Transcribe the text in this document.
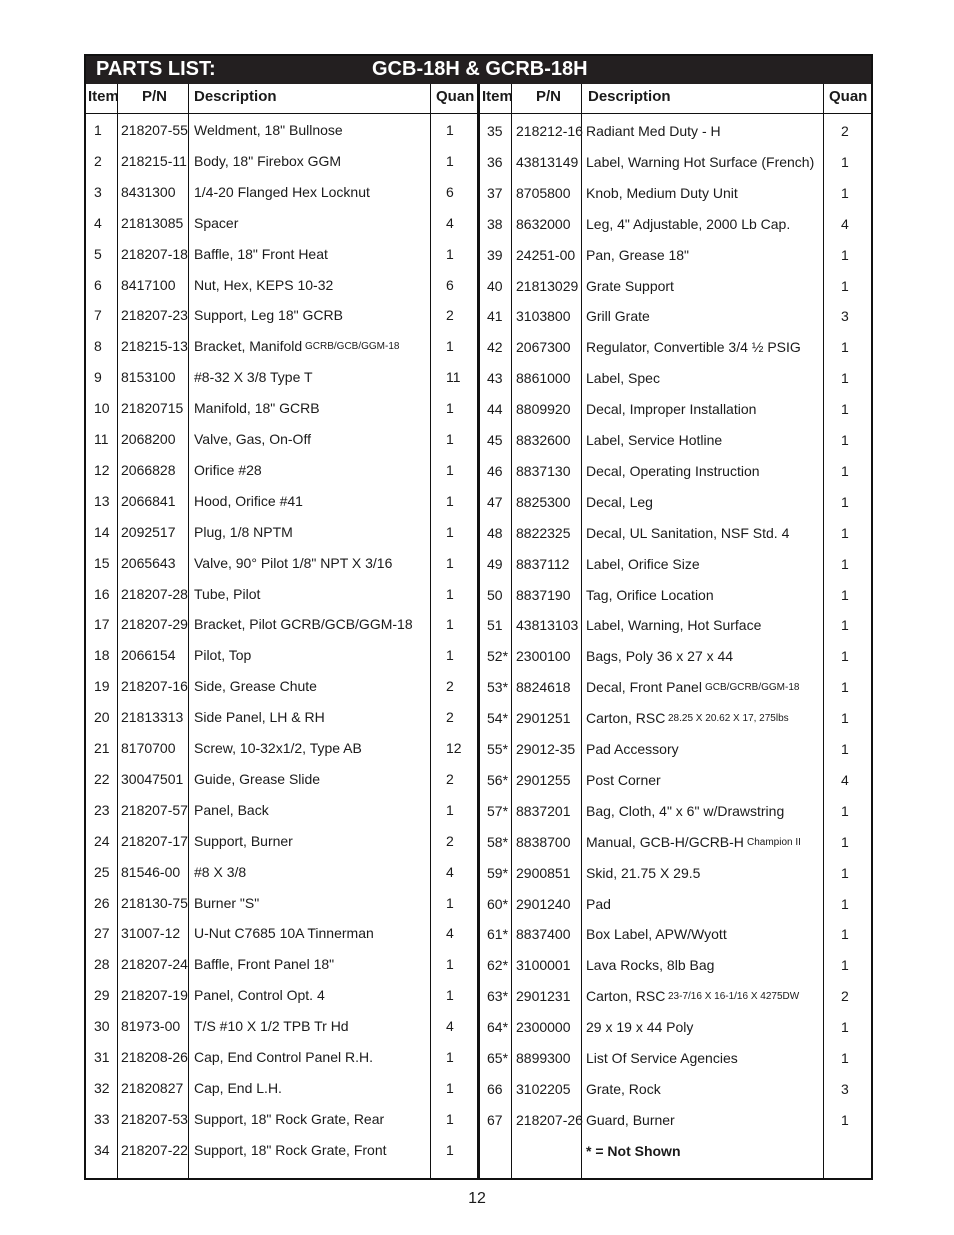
PARTS LIST:	GCB-18H & GCRB-18H
Item P/N Description	Quan Item P/N Description	Quan
1 218207-55 Weldment, 18" Bullnose	1
2 218215-11 Body, 18" Firebox GGM	1
3 8431300 1/4-20 Flanged Hex Locknut	6
4 21813085 Spacer	4
5 218207-18 Baffle, 18" Front Heat	1
6 8417100 Nut, Hex, KEPS 10-32	6
7 218207-23 Support, Leg 18" GCRB	2
8 218215-13 Bracket, Manifold GCRB/GCB/GGM-18	1
9 8153100 #8-32 X 3/8 Type T	11
10 21820715 Manifold, 18" GCRB	1
11 2068200 Valve, Gas, On-Off	1
12 2066828 Orifice #28	1
13 2066841 Hood, Orifice #41	1
14 2092517 Plug, 1/8 NPTM	1
15 2065643 Valve, 90° Pilot 1/8" NPT X 3/16	1
16 218207-28 Tube, Pilot	1
17 218207-29 Bracket, Pilot GCRB/GCB/GGM-18 1
18 2066154 Pilot, Top	1
19 218207-16 Side, Grease Chute	2
20 21813313 Side Panel, LH & RH	2
21 8170700 Screw, 10-32x1/2, Type AB	12
22 30047501 Guide, Grease Slide	2
23 218207-57 Panel, Back	1
24 218207-17 Support, Burner	2
25 81546-00 #8 X 3/8	4
26 218130-75 Burner "S"	1
27 31007-12 U-Nut C7685 10A Tinnerman	4
28 218207-24 Baffle, Front Panel 18"	1
29 218207-19 Panel, Control Opt. 4	1
30 81973-00 T/S #10 X 1/2 TPB Tr Hd	4
31 218208-26 Cap, End Control Panel R.H.	1
32 21820827 Cap, End L.H.	1
33 218207-53 Support, 18" Rock Grate, Rear	1
34 218207-22 Support, 18" Rock Grate, Front	1
35 218212-16 Radiant Med Duty - H	2
36 43813149 Label, Warning Hot Surface (French) 1
37 8705800 Knob, Medium Duty Unit	1
38 8632000 Leg, 4" Adjustable, 2000 Lb Cap.	4
39 24251-00 Pan, Grease 18"	1
40 21813029 Grate Support	1
41 3103800 Grill Grate	3
42 2067300 Regulator, Convertible 3/4 ½ PSIG	1
43 8861000 Label, Spec	1
44 8809920 Decal, Improper Installation	1
45 8832600 Label, Service Hotline	1
46 8837130 Decal, Operating Instruction	1
47 8825300 Decal, Leg	1
48 8822325 Decal, UL Sanitation, NSF Std. 4	1
49 8837112 Label, Orifice Size	1
50 8837190 Tag, Orifice Location	1
51 43813103 Label, Warning, Hot Surface	1
52* 2300100 Bags, Poly 36 x 27 x 44	1
53* 8824618 Decal, Front Panel GCB/GCRB/GGM-18	1
54* 2901251 Carton, RSC 28.25 X 20.62 X 17, 275lbs	1
55* 29012-35 Pad Accessory	1
56* 2901255 Post Corner	4
57* 8837201 Bag, Cloth, 4" x 6" w/Drawstring	1
58* 8838700 Manual, GCB-H/GCRB-H Champion II	1
59* 2900851 Skid, 21.75 X 29.5	1
60* 2901240 Pad	1
61* 8837400 Box Label, APW/Wyott	1
62* 3100001 Lava Rocks, 8lb Bag	1
63* 2901231 Carton, RSC 23-7/16 X 16-1/16 X 4275DW	2
64* 2300000 29 x 19 x 44 Poly	1
65* 8899300 List Of Service Agencies	1
66 3102205 Grate, Rock	3
67 218207-26 Guard, Burner	1
* = Not Shown
12
